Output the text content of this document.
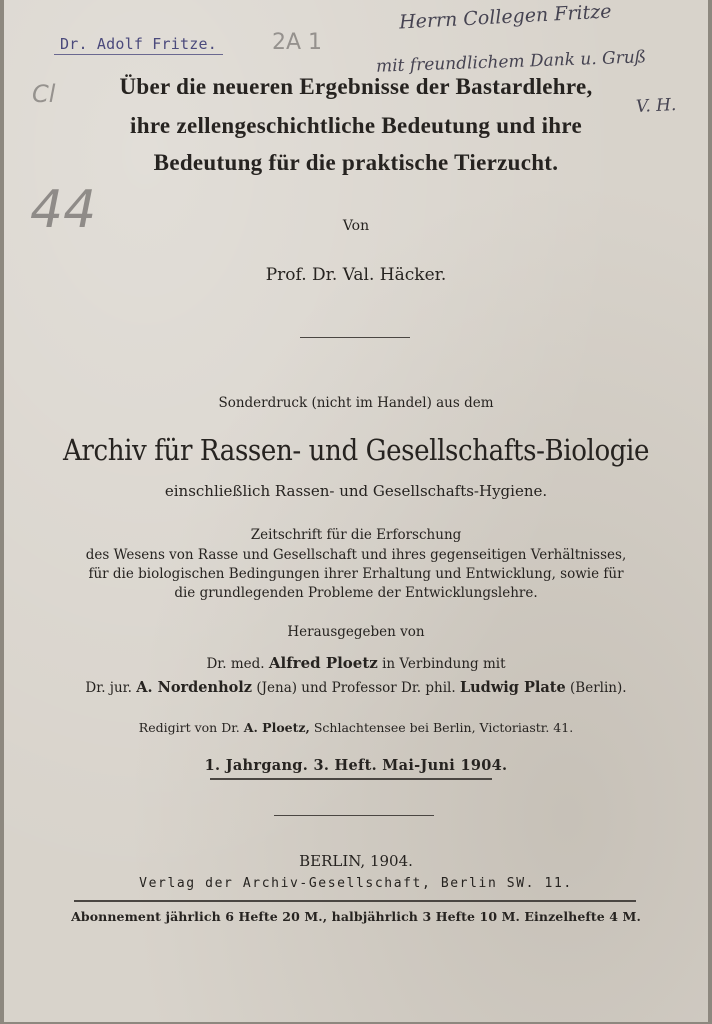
Dr. Adolf Fritze.
Herrn Collegen Fritze
mit freundlichem Dank u. Gruß
V. H.
2A 1
Cl
44
Über die neueren Ergebnisse der Bastardlehre,
ihre zellengeschichtliche Bedeutung und ihre
Bedeutung für die praktische Tierzucht.
Von
Prof. Dr. Val. Häcker.
Sonderdruck (nicht im Handel) aus dem
Archiv für Rassen- und Gesellschafts-Biologie
einschließlich Rassen- und Gesellschafts-Hygiene.
Zeitschrift für die Erforschung
des Wesens von Rasse und Gesellschaft und ihres gegenseitigen Verhältnisses,
für die biologischen Bedingungen ihrer Erhaltung und Entwicklung, sowie für
die grundlegenden Probleme der Entwicklungslehre.
Herausgegeben von
Dr. med. Alfred Ploetz in Verbindung mit
Dr. jur. A. Nordenholz (Jena) und Professor Dr. phil. Ludwig Plate (Berlin).
Redigirt von Dr. A. Ploetz, Schlachtensee bei Berlin, Victoriastr. 41.
1. Jahrgang. 3. Heft. Mai-Juni 1904.
BERLIN, 1904.
Verlag der Archiv-Gesellschaft, Berlin SW. 11.
Abonnement jährlich 6 Hefte 20 M., halbjährlich 3 Hefte 10 M. Einzelhefte 4 M.
